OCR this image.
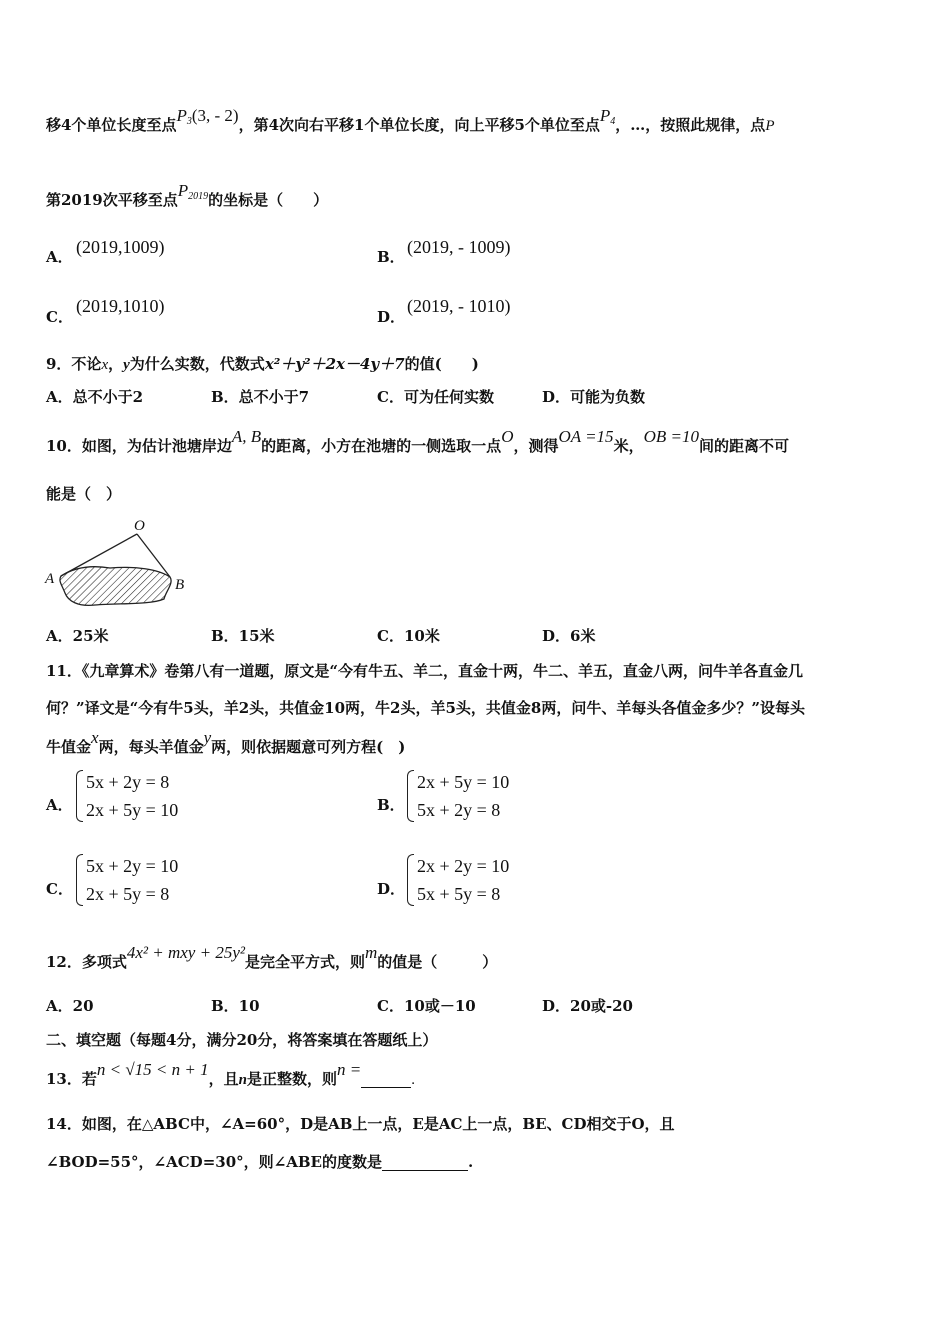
移4个单位长度至点P3(3, - 2)，第4次向右平移1个单位长度，向上平移5个单位至点P4，…，按照此规律，点P
第2019次平移至点P2019的坐标是（　　）
A． (2019,1009)	B． (2019, - 1009)
C．
(2019,1010)
D．
(2019, - 1010)
9．不论x，y为什么实数，代数式x²＋y²＋2x－4y＋7的值(　　)
A．总不小于2	B．总不小于7	C．可为任何实数	D．可能为负数
10．如图，为估计池塘岸边A, B的距离，小方在池塘的一侧选取一点O，测得OA =15米，OB =10间的距离不可
能是（　）
O
A	B
A．25米	B．15米	C．10米	D．6米
11．《九章算术》卷第八有一道题，原文是“今有牛五、羊二，直金十两，牛二、羊五，直金八两，问牛羊各直金几
何？”译文是“今有牛5头，羊2头，共值金10两，牛2头，羊5头，共值金8两，问牛、羊每头各值金多少？”设每头
牛值金x两，每头羊值金y两，则依据题意可列方程(　)
A．
5x + 2y = 8
2x + 5y = 10	B．
2x + 5y = 10
5x + 2y = 8
C．
5x + 2y = 10
2x + 5y = 8	D．
2x + 2y = 10
5x + 5y = 8
12．多项式4x² + mxy + 25y²是完全平方式，则m的值是（　　　）
A．20	B．10	C．10或－10	D．20或-20
二、填空题（每题4分，满分20分，将答案填在答题纸上）
13．若n < √15 < n + 1，且n是正整数，则n = .
14．如图，在△ABC中，∠A=60°，D是AB上一点，E是AC上一点，BE、CD相交于O，且
∠BOD=55°，∠ACD=30°，则∠ABE的度数是	.
